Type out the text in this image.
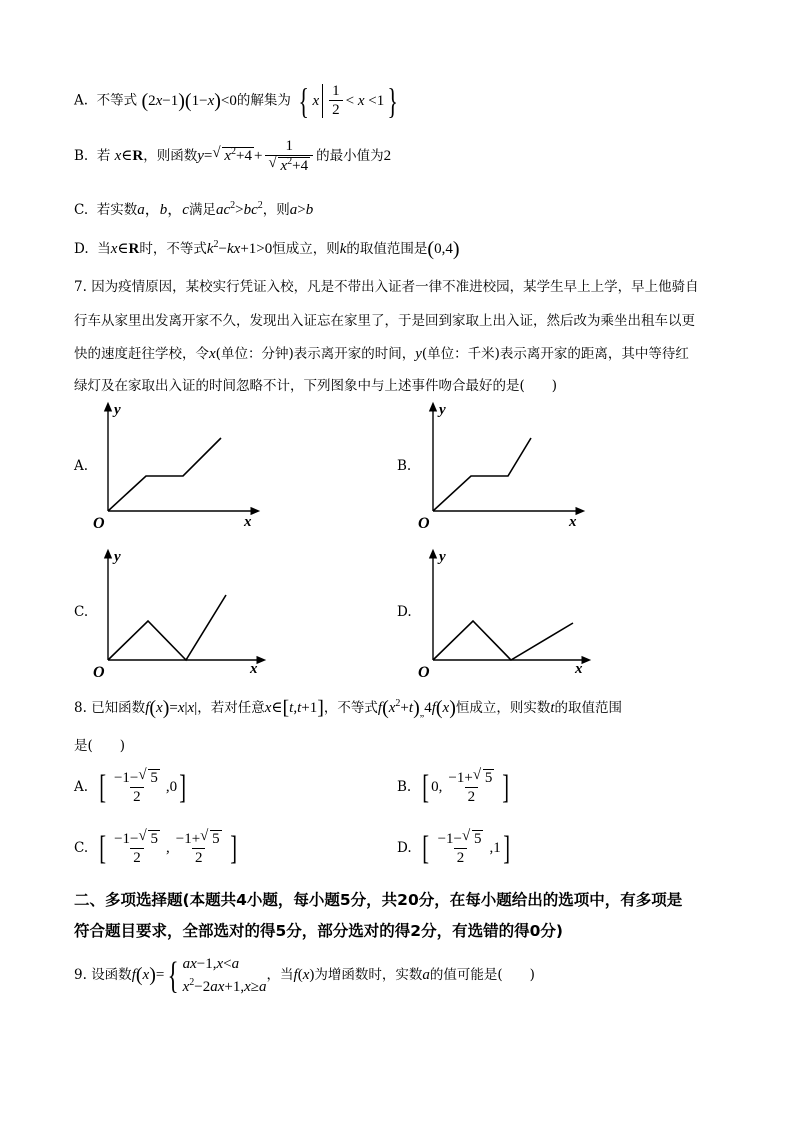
A. 不等式 (2x−1)(1−x)<0的解集为 { x $\frac{1}{2} < x <1$ }
B. 若 x∈R，则函数y= √ $x^2+4 + 1$
√ $x^2+4$ 的最小值为2
C. 若实数a，b，c满足$ac^2>bc^2$，则a>b
D. 当x∈R时，不等式$k^2-kx+1>0$恒成立，则k的取值范围是(0,4)
7. 因为疫情原因，某校实行凭证入校，凡是不带出入证者一律不准进校园，某学生早上上学，早上他骑自
行车从家里出发离开家不久，发现出入证忘在家里了，于是回到家取上出入证，然后改为乘坐出租车以更
快的速度赶往学校，令x(单位：分钟)表示离开家的时间，y(单位：千米)表示离开家的距离，其中等待红
绿灯及在家取出入证的时间忽略不计，下列图象中与上述事件吻合最好的是(　　)
A.	B.
C.	D.
y
x
O
y
x
O
y
x
O
y
x
O
8. 已知函数f(x)=x|x|，若对任意x∈[t,t+1]，不等式$f(x^2+t)_„4f(x)$恒成立，则实数t的取值范围
是(　　)
A. [ $\frac{-1- √ 5}{2} ,0$]	B. [ 0, $\frac{-1+ √ 5}{2}$ ]
C. [ $\frac{-1- √ 5}{2}$ , $\frac{-1+ √ 5}{2}$ ]	D. [ $\frac{-1- √ 5}{2} ,1$]
二、多项选择题(本题共4小题，每小题5分，共20分，在每小题给出的选项中，有多项是
符合题目要求，全部选对的得5分，部分选对的得2分，有选错的得0分)
9. 设函数f(x)= { ax−1,x<a
$x^2-2ax+1,x\ge a$
，当f(x)为增函数时，实数a的值可能是(　　)
